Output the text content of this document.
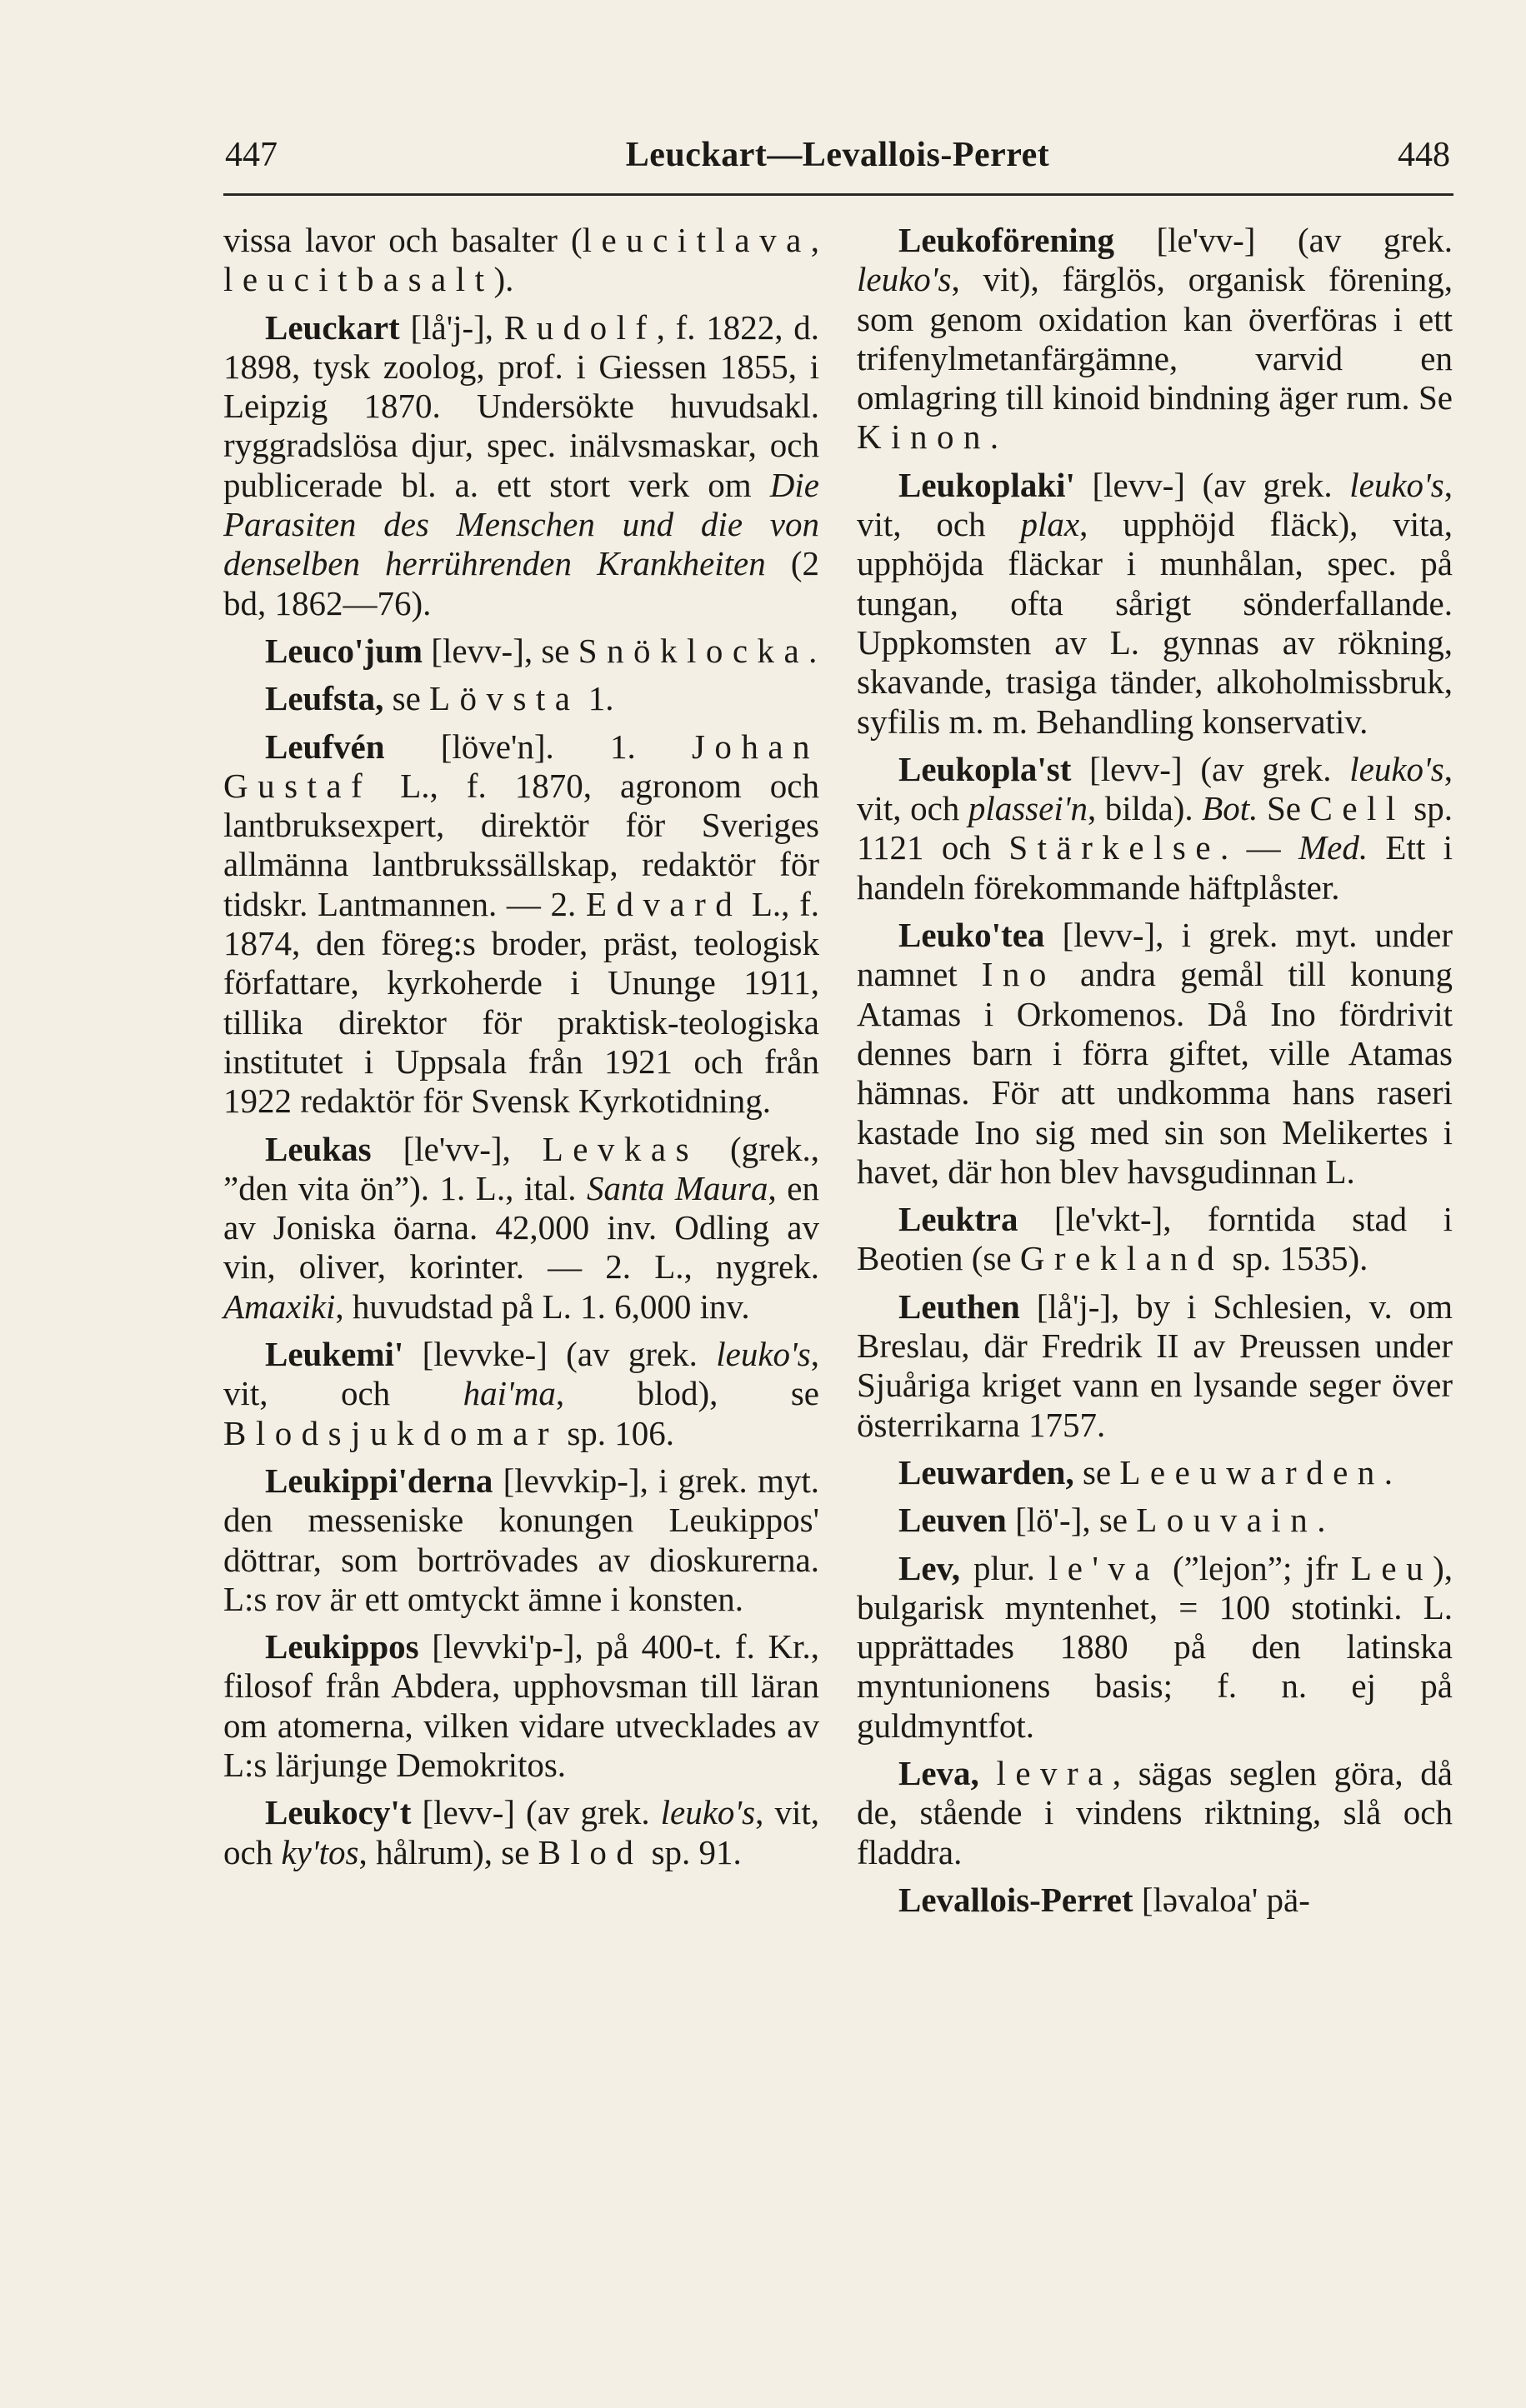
447	Leuckart—Levallois-Perret	448

vissa lavor och basalter (leucitlava, leucitbasalt).

Leuckart [lå'j-], Rudolf, f. 1822, d. 1898, tysk zoolog, prof. i Giessen 1855, i Leipzig 1870. Undersökte huvudsakl. ryggradslösa djur, spec. inälvsmaskar, och publicerade bl. a. ett stort verk om Die Parasiten des Menschen und die von denselben herrührenden Krankheiten (2 bd, 1862—76).

Leuco'jum [levv-], se Snöklocka.

Leufsta, se Lövsta 1.

Leufvén [löve'n]. 1. Johan Gustaf L., f. 1870, agronom och lantbruksexpert, direktör för Sveriges allmänna lantbrukssällskap, redaktör för tidskr. Lantmannen. — 2. Edvard L., f. 1874, den föreg:s broder, präst, teologisk författare, kyrkoherde i Ununge 1911, tillika direktor för praktisk-teologiska institutet i Uppsala från 1921 och från 1922 redaktör för Svensk Kyrkotidning.

Leukas [le'vv-], Levkas (grek., ”den vita ön”). 1. L., ital. Santa Maura, en av Joniska öarna. 42,000 inv. Odling av vin, oliver, korinter. — 2. L., nygrek. Amaxiki, huvudstad på L. 1. 6,000 inv.

Leukemi' [levvke-] (av grek. leuko's, vit, och hai'ma, blod), se Blodsjukdomar sp. 106.

Leukippi'derna [levvkip-], i grek. myt. den messeniske konungen Leukippos' döttrar, som bortrövades av dioskurerna. L:s rov är ett omtyckt ämne i konsten.

Leukippos [levvki'p-], på 400-t. f. Kr., filosof från Abdera, upphovsman till läran om atomerna, vilken vidare utvecklades av L:s lärjunge Demokritos.

Leukocy't [levv-] (av grek. leuko's, vit, och ky'tos, hålrum), se Blod sp. 91.

Leukoförening [le'vv-] (av grek. leuko's, vit), färglös, organisk förening, som genom oxidation kan överföras i ett trifenylmetanfärgämne, varvid en omlagring till kinoid bindning äger rum. Se Kinon.

Leukoplaki' [levv-] (av grek. leuko's, vit, och plax, upphöjd fläck), vita, upphöjda fläckar i munhålan, spec. på tungan, ofta sårigt sönderfallande. Uppkomsten av L. gynnas av rökning, skavande, trasiga tänder, alkoholmissbruk, syfilis m. m. Behandling konservativ.

Leukopla'st [levv-] (av grek. leuko's, vit, och plassei'n, bilda). Bot. Se Cell sp. 1121 och Stärkelse. — Med. Ett i handeln förekommande häftplåster.

Leuko'tea [levv-], i grek. myt. under namnet Ino andra gemål till konung Atamas i Orkomenos. Då Ino fördrivit dennes barn i förra giftet, ville Atamas hämnas. För att undkomma hans raseri kastade Ino sig med sin son Melikertes i havet, där hon blev havsgudinnan L.

Leuktra [le'vkt-], forntida stad i Beotien (se Grekland sp. 1535).

Leuthen [lå'j-], by i Schlesien, v. om Breslau, där Fredrik II av Preussen under Sjuåriga kriget vann en lysande seger över österrikarna 1757.

Leuwarden, se Leeuwarden.

Leuven [lö'-], se Louvain.

Lev, plur. le'va (”lejon”; jfr Leu), bulgarisk myntenhet, = 100 stotinki. L. upprättades 1880 på den latinska myntunionens basis; f. n. ej på guldmyntfot.

Leva, levra, sägas seglen göra, då de, stående i vindens riktning, slå och fladdra.

Levallois-Perret [ləvaloa' pä-
